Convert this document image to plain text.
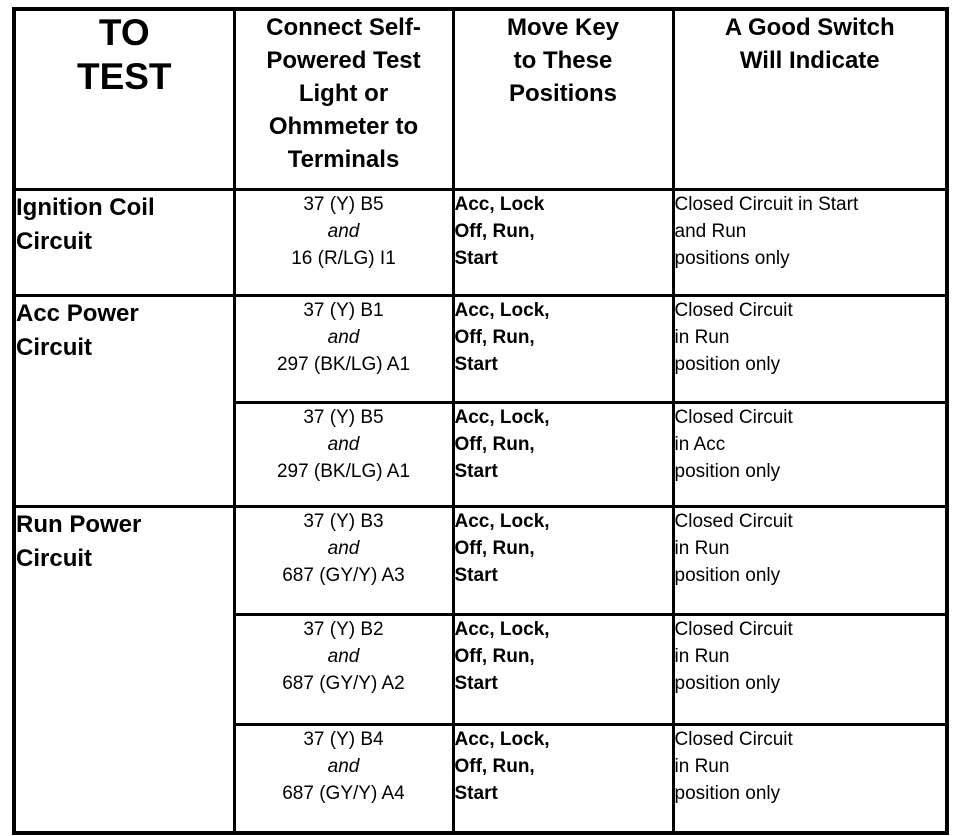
TO
TEST	Connect Self-
Powered Test
Light or
Ohmmeter to
Terminals	Move Key
to These
Positions	A Good Switch
Will Indicate

Ignition Coil
Circuit	37 (Y) B5
and
16 (R/LG) I1	Acc, Lock
Off, Run,
Start	Closed Circuit in Start
and Run
positions only

Acc Power
Circuit	37 (Y) B1
and
297 (BK/LG) A1	Acc, Lock,
Off, Run,
Start	Closed Circuit
in Run
position only

	37 (Y) B5
and
297 (BK/LG) A1	Acc, Lock,
Off, Run,
Start	Closed Circuit
in Acc
position only

Run Power
Circuit	37 (Y) B3
and
687 (GY/Y) A3	Acc, Lock,
Off, Run,
Start	Closed Circuit
in Run
position only

	37 (Y) B2
and
687 (GY/Y) A2	Acc, Lock,
Off, Run,
Start	Closed Circuit
in Run
position only

	37 (Y) B4
and
687 (GY/Y) A4	Acc, Lock,
Off, Run,
Start	Closed Circuit
in Run
position only
